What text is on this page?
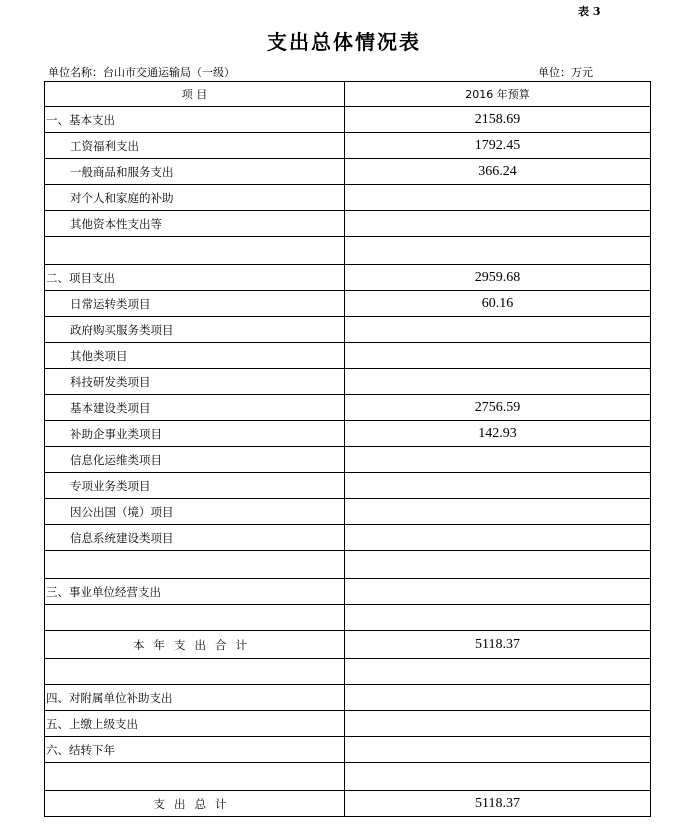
表 3
支出总体情况表
单位名称：台山市交通运输局（一级）	单位：万元
项 目	2016 年预算
一、基本支出	2158.69
工资福利支出	1792.45
一般商品和服务支出	366.24
对个人和家庭的补助	
其他资本性支出等	

二、项目支出	2959.68
日常运转类项目	60.16
政府购买服务类项目	
其他类项目	
科技研发类项目	
基本建设类项目	2756.59
补助企事业类项目	142.93
信息化运维类项目	
专项业务类项目	
因公出国（境）项目	
信息系统建设类项目	

三、事业单位经营支出	

本年支出合计	5118.37

四、对附属单位补助支出	
五、上缴上级支出	
六、结转下年	

支出总计	5118.37
